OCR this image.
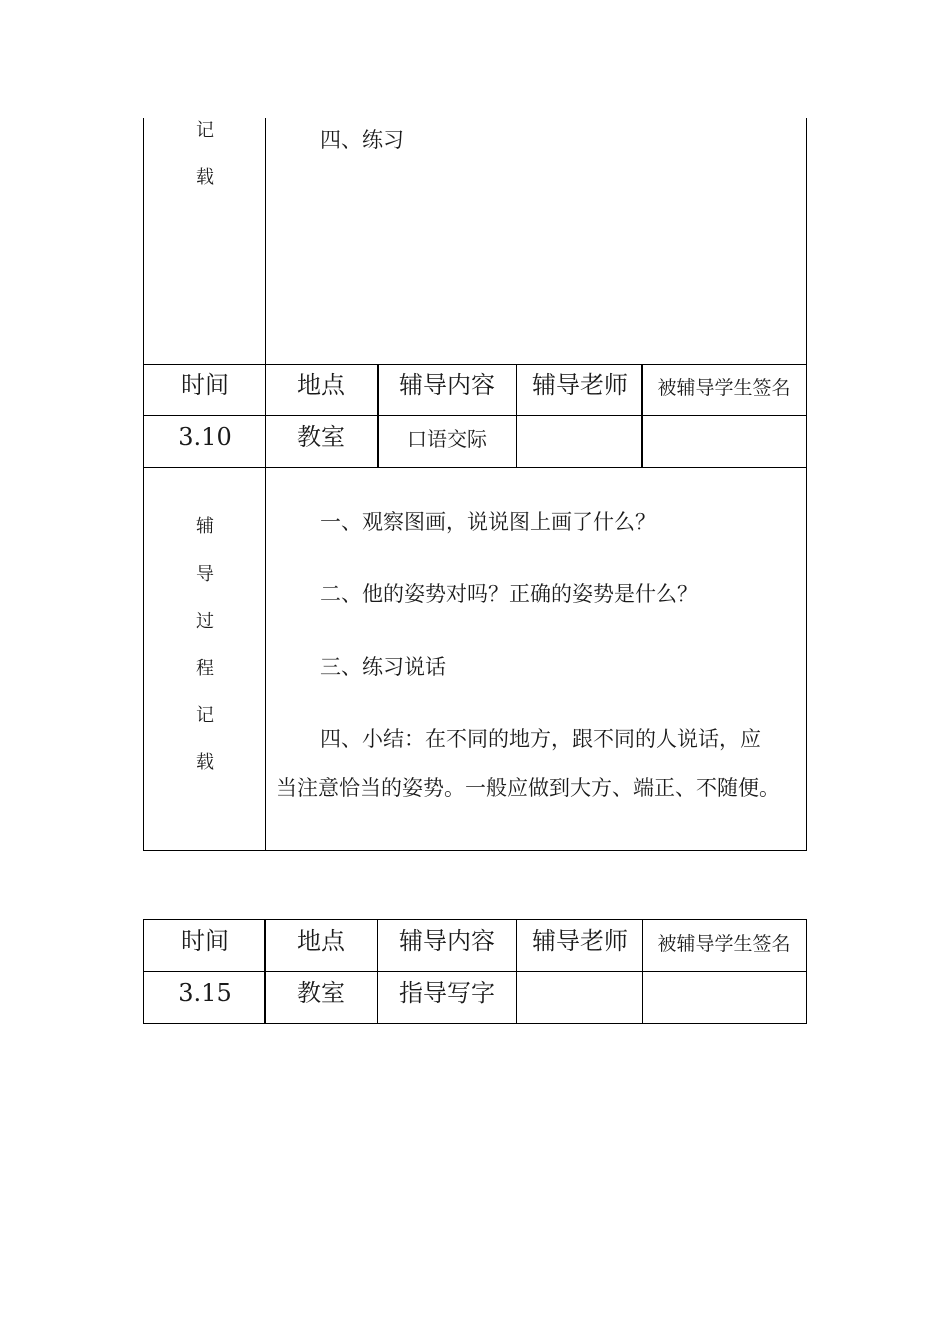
记
载
四、练习
时间	地点 辅导内容 辅导老师 被辅导学生签名
3.10	教室	口语交际
辅
导
过
程
记
载
一、观察图画，说说图上画了什么？
二、他的姿势对吗？正确的姿势是什么？
三、练习说话
四、小结：在不同的地方，跟不同的人说话，应
当注意恰当的姿势。一般应做到大方、端正、不随便。
时间	地点 辅导内容 辅导老师 被辅导学生签名
3.15	教室 指导写字
